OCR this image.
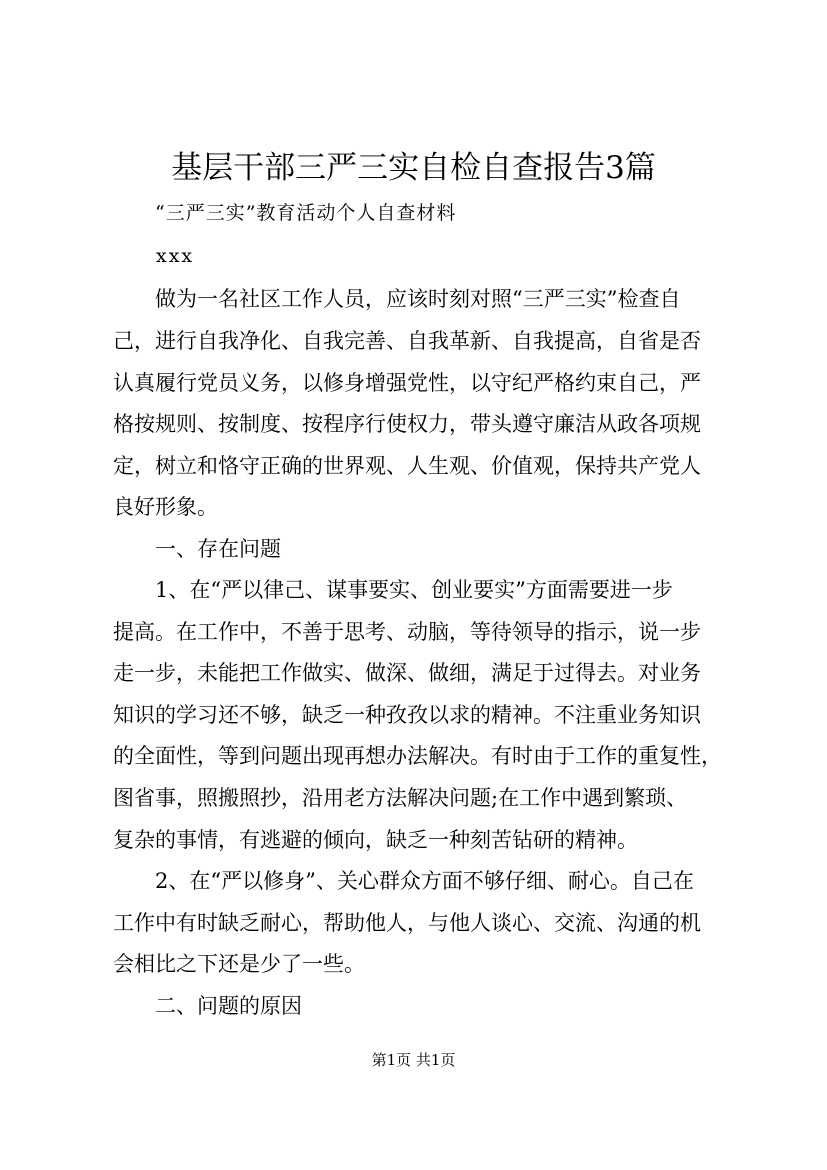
基层干部三严三实自检自查报告3篇
“三严三实”教育活动个人自查材料
xxx
　　做为一名社区工作人员，应该时刻对照“三严三实”检查自
己，进行自我净化、自我完善、自我革新、自我提高，自省是否
认真履行党员义务，以修身增强党性，以守纪严格约束自己，严
格按规则、按制度、按程序行使权力，带头遵守廉洁从政各项规
定，树立和恪守正确的世界观、人生观、价值观，保持共产党人
良好形象。
　　一、存在问题
　　1、在“严以律己、谋事要实、创业要实”方面需要进一步
提高。在工作中，不善于思考、动脑，等待领导的指示，说一步
走一步，未能把工作做实、做深、做细，满足于过得去。对业务
知识的学习还不够，缺乏一种孜孜以求的精神。不注重业务知识
的全面性，等到问题出现再想办法解决。有时由于工作的重复性，
图省事，照搬照抄，沿用老方法解决问题;在工作中遇到繁琐、
复杂的事情，有逃避的倾向，缺乏一种刻苦钻研的精神。
　　2、在“严以修身”、关心群众方面不够仔细、耐心。自己在
工作中有时缺乏耐心，帮助他人，与他人谈心、交流、沟通的机
会相比之下还是少了一些。
　　二、问题的原因
第1页 共1页
